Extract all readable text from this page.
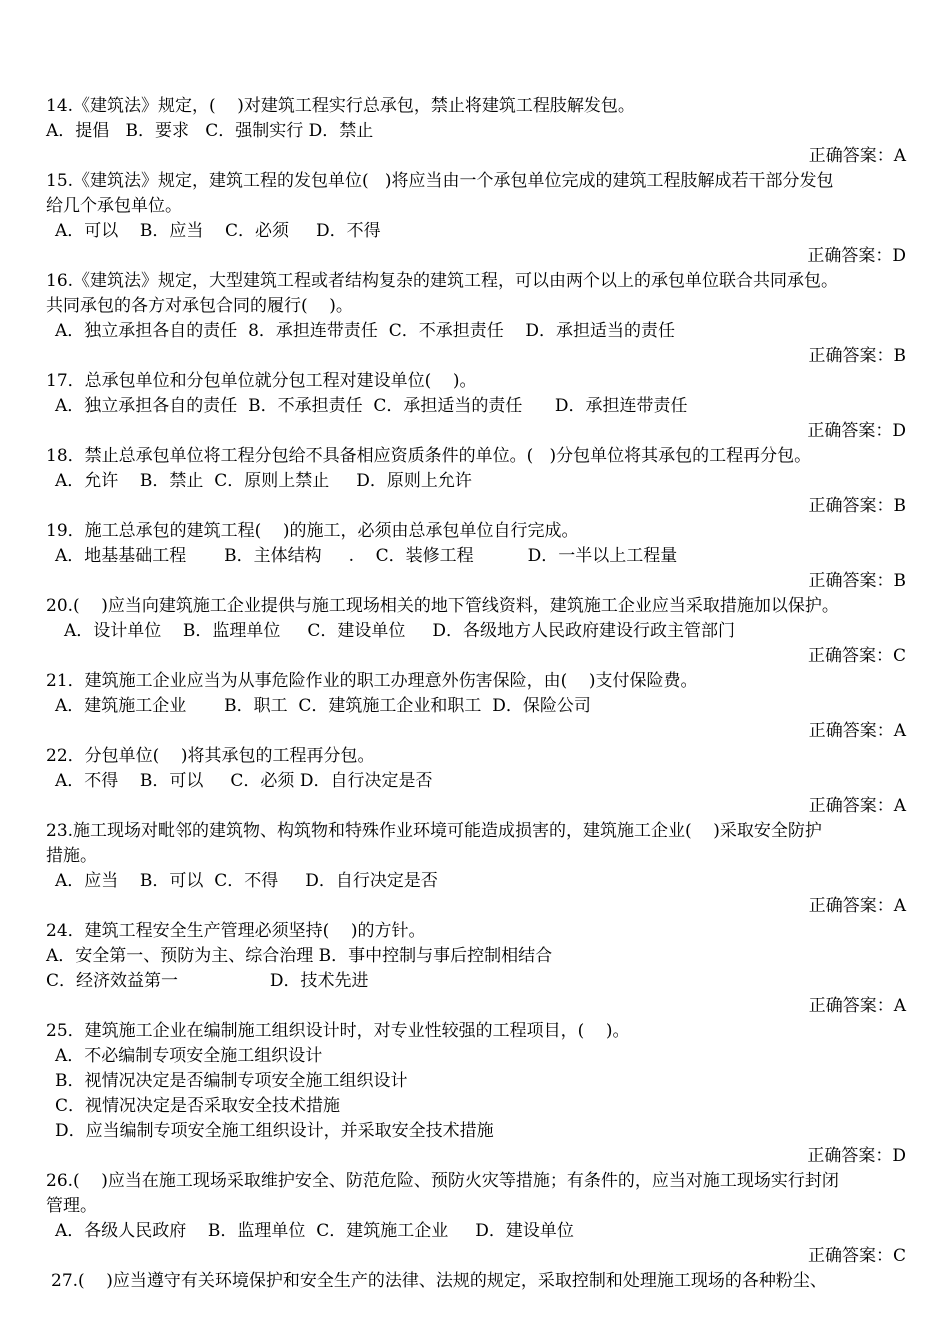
14.《建筑法》规定，(    )对建筑工程实行总承包，禁止将建筑工程肢解发包。
A．提倡   B．要求   C．强制实行 D．禁止
正确答案：A
15.《建筑法》规定，建筑工程的发包单位(   )将应当由一个承包单位完成的建筑工程肢解成若干部分发包
给几个承包单位。
A．可以    B．应当    C．必须     D．不得
正确答案：D
16.《建筑法》规定，大型建筑工程或者结构复杂的建筑工程，可以由两个以上的承包单位联合共同承包。
共同承包的各方对承包合同的履行(    )。
A．独立承担各自的责任  8．承担连带责任  C．不承担责任    D．承担适当的责任
正确答案：B
17．总承包单位和分包单位就分包工程对建设单位(    )。
A．独立承担各自的责任  B．不承担责任  C．承担适当的责任      D．承担连带责任
正确答案：D
18．禁止总承包单位将工程分包给不具备相应资质条件的单位。(   )分包单位将其承包的工程再分包。
A．允许    B．禁止  C．原则上禁止     D．原则上允许
正确答案：B
19．施工总承包的建筑工程(    )的施工，必须由总承包单位自行完成。
A．地基基础工程       B．主体结构     .    C．装修工程          D．一半以上工程量
正确答案：B
20.(    )应当向建筑施工企业提供与施工现场相关的地下管线资料，建筑施工企业应当采取措施加以保护。
A．设计单位    B．监理单位     C．建设单位     D．各级地方人民政府建设行政主管部门
正确答案：C
21．建筑施工企业应当为从事危险作业的职工办理意外伤害保险，由(    )支付保险费。
A．建筑施工企业       B．职工  C．建筑施工企业和职工  D．保险公司
正确答案：A
22．分包单位(    )将其承包的工程再分包。
A．不得    B．可以     C．必须 D．自行决定是否
正确答案：A
23.施工现场对毗邻的建筑物、构筑物和特殊作业环境可能造成损害的，建筑施工企业(    )采取安全防护
措施。
A．应当    B．可以  C．不得     D．自行决定是否
正确答案：A
24．建筑工程安全生产管理必须坚持(    )的方针。
A．安全第一、预防为主、综合治理 B．事中控制与事后控制相结合
C．经济效益第一                 D．技术先进
正确答案：A
25．建筑施工企业在编制施工组织设计时，对专业性较强的工程项目，(    )。
A．不必编制专项安全施工组织设计
B．视情况决定是否编制专项安全施工组织设计
C．视情况决定是否采取安全技术措施
D．应当编制专项安全施工组织设计，并采取安全技术措施
正确答案：D
26.(    )应当在施工现场采取维护安全、防范危险、预防火灾等措施；有条件的，应当对施工现场实行封闭
管理。
A．各级人民政府    B．监理单位  C．建筑施工企业     D．建设单位
正确答案：C
27.(    )应当遵守有关环境保护和安全生产的法律、法规的规定，采取控制和处理施工现场的各种粉尘、
